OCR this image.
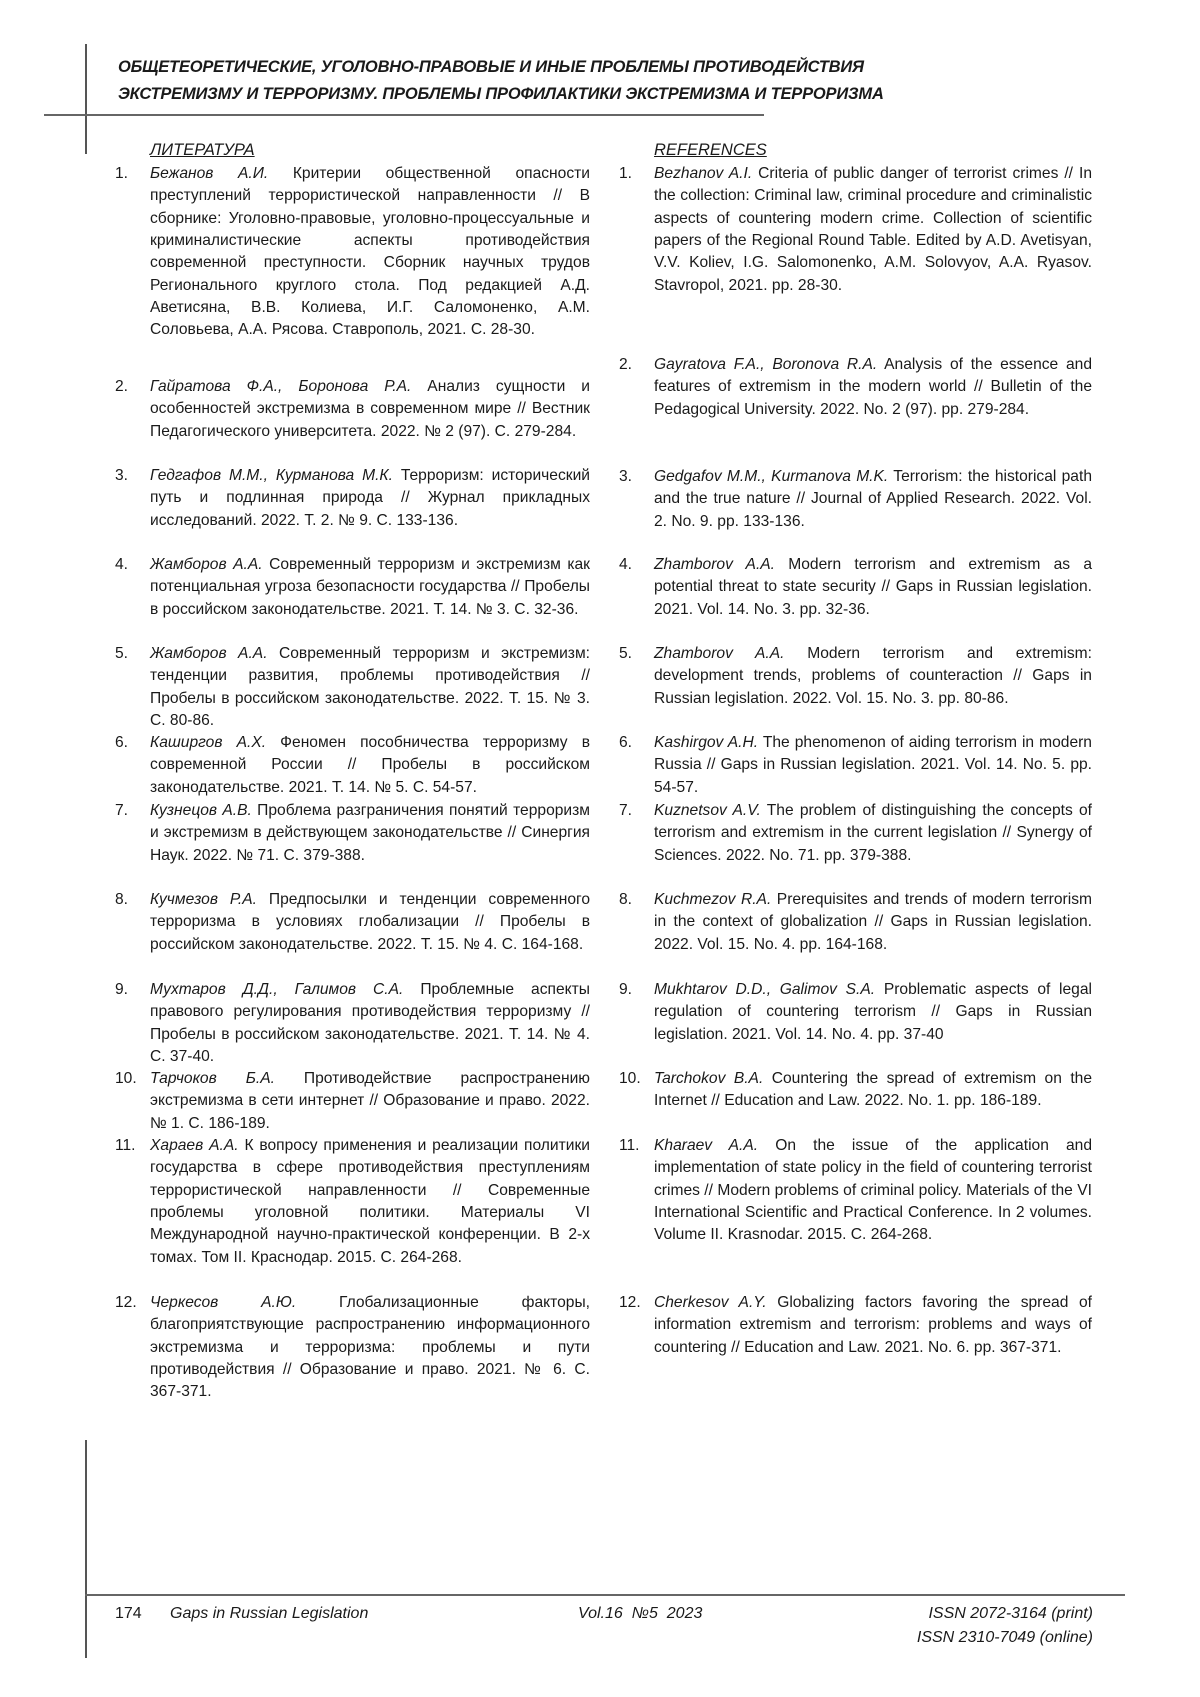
ОБЩЕТЕОРЕТИЧЕСКИЕ, УГОЛОВНО-ПРАВОВЫЕ И ИНЫЕ ПРОБЛЕМЫ ПРОТИВОДЕЙСТВИЯ
ЭКСТРЕМИЗМУ И ТЕРРОРИЗМУ. ПРОБЛЕМЫ ПРОФИЛАКТИКИ ЭКСТРЕМИЗМА И ТЕРРОРИЗМА
ЛИТЕРАТУРА	REFERENCES
1. Бежанов А.И. Критерии общественной опасности преступлений террористической направленности // В сборнике: Уголовно-правовые, уголовно-процессуальные и криминалистические аспекты противодействия современной преступности. Сборник научных трудов Регионального круглого стола. Под редакцией А.Д. Аветисяна, В.В. Колиева, И.Г. Саломоненко, А.М. Соловьева, А.А. Рясова. Ставрополь, 2021. С. 28-30.
2. Гайратова Ф.А., Боронова Р.А. Анализ сущности и особенностей экстремизма в современном мире // Вестник Педагогического университета. 2022. № 2 (97). С. 279-284.
3. Гедгафов М.М., Курманова М.К. Терроризм: исторический путь и подлинная природа // Журнал прикладных исследований. 2022. Т. 2. № 9. С. 133-136.
4. Жамборов А.А. Современный терроризм и экстремизм как потенциальная угроза безопасности государства // Пробелы в российском законодательстве. 2021. Т. 14. № 3. С. 32-36.
5. Жамборов А.А. Современный терроризм и экстремизм: тенденции развития, проблемы противодействия // Пробелы в российском законодательстве. 2022. Т. 15. № 3. С. 80-86.
6. Каширгов А.Х. Феномен пособничества терроризму в современной России // Пробелы в российском законодательстве. 2021. Т. 14. № 5. С. 54-57.
7. Кузнецов А.В. Проблема разграничения понятий терроризм и экстремизм в действующем законодательстве // Синергия Наук. 2022. № 71. С. 379-388.
8. Кучмезов Р.А. Предпосылки и тенденции современного терроризма в условиях глобализации // Пробелы в российском законодательстве. 2022. Т. 15. № 4. С. 164-168.
9. Мухтаров Д.Д., Галимов С.А. Проблемные аспекты правового регулирования противодействия терроризму // Пробелы в российском законодательстве. 2021. Т. 14. № 4. С. 37-40.
10. Тарчоков Б.А. Противодействие распространению экстремизма в сети интернет // Образование и право. 2022. № 1. С. 186-189.
11. Хараев А.А. К вопросу применения и реализации политики государства в сфере противодействия преступлениям террористической направленности // Современные проблемы уголовной политики. Материалы VI Международной научно-практической конференции. В 2-х томах. Том II. Краснодар. 2015. С. 264-268.
12. Черкесов А.Ю. Глобализационные факторы, благоприятствующие распространению информационного экстремизма и терроризма: проблемы и пути противодействия // Образование и право. 2021. № 6. С. 367-371.
1. Bezhanov A.I. Criteria of public danger of terrorist crimes // In the collection: Criminal law, criminal procedure and criminalistic aspects of countering modern crime. Collection of scientific papers of the Regional Round Table. Edited by A.D. Avetisyan, V.V. Koliev, I.G. Salomonenko, A.M. Solovyov, A.A. Ryasov. Stavropol, 2021. pp. 28-30.
2. Gayratova F.A., Boronova R.A. Analysis of the essence and features of extremism in the modern world // Bulletin of the Pedagogical University. 2022. No. 2 (97). pp. 279-284.
3. Gedgafov M.M., Kurmanova M.K. Terrorism: the historical path and the true nature // Journal of Applied Research. 2022. Vol. 2. No. 9. pp. 133-136.
4. Zhamborov A.A. Modern terrorism and extremism as a potential threat to state security // Gaps in Russian legislation. 2021. Vol. 14. No. 3. pp. 32-36.
5. Zhamborov A.A. Modern terrorism and extremism: development trends, problems of counteraction // Gaps in Russian legislation. 2022. Vol. 15. No. 3. pp. 80-86.
6. Kashirgov A.H. The phenomenon of aiding terrorism in modern Russia // Gaps in Russian legislation. 2021. Vol. 14. No. 5. pp. 54-57.
7. Kuznetsov A.V. The problem of distinguishing the concepts of terrorism and extremism in the current legislation // Synergy of Sciences. 2022. No. 71. pp. 379-388.
8. Kuchmezov R.A. Prerequisites and trends of modern terrorism in the context of globalization // Gaps in Russian legislation. 2022. Vol. 15. No. 4. pp. 164-168.
9. Mukhtarov D.D., Galimov S.A. Problematic aspects of legal regulation of countering terrorism // Gaps in Russian legislation. 2021. Vol. 14. No. 4. pp. 37-40
10. Tarchokov B.A. Countering the spread of extremism on the Internet // Education and Law. 2022. No. 1. pp. 186-189.
11. Kharaev A.A. On the issue of the application and implementation of state policy in the field of countering terrorist crimes // Modern problems of criminal policy. Materials of the VI International Scientific and Practical Conference. In 2 volumes. Volume II. Krasnodar. 2015. C. 264-268.
12. Cherkesov A.Y. Globalizing factors favoring the spread of information extremism and terrorism: problems and ways of countering // Education and Law. 2021. No. 6. pp. 367-371.
174 Gaps in Russian Legislation	Vol.16  №5  2023	ISSN 2072-3164 (print)
ISSN 2310-7049 (online)
